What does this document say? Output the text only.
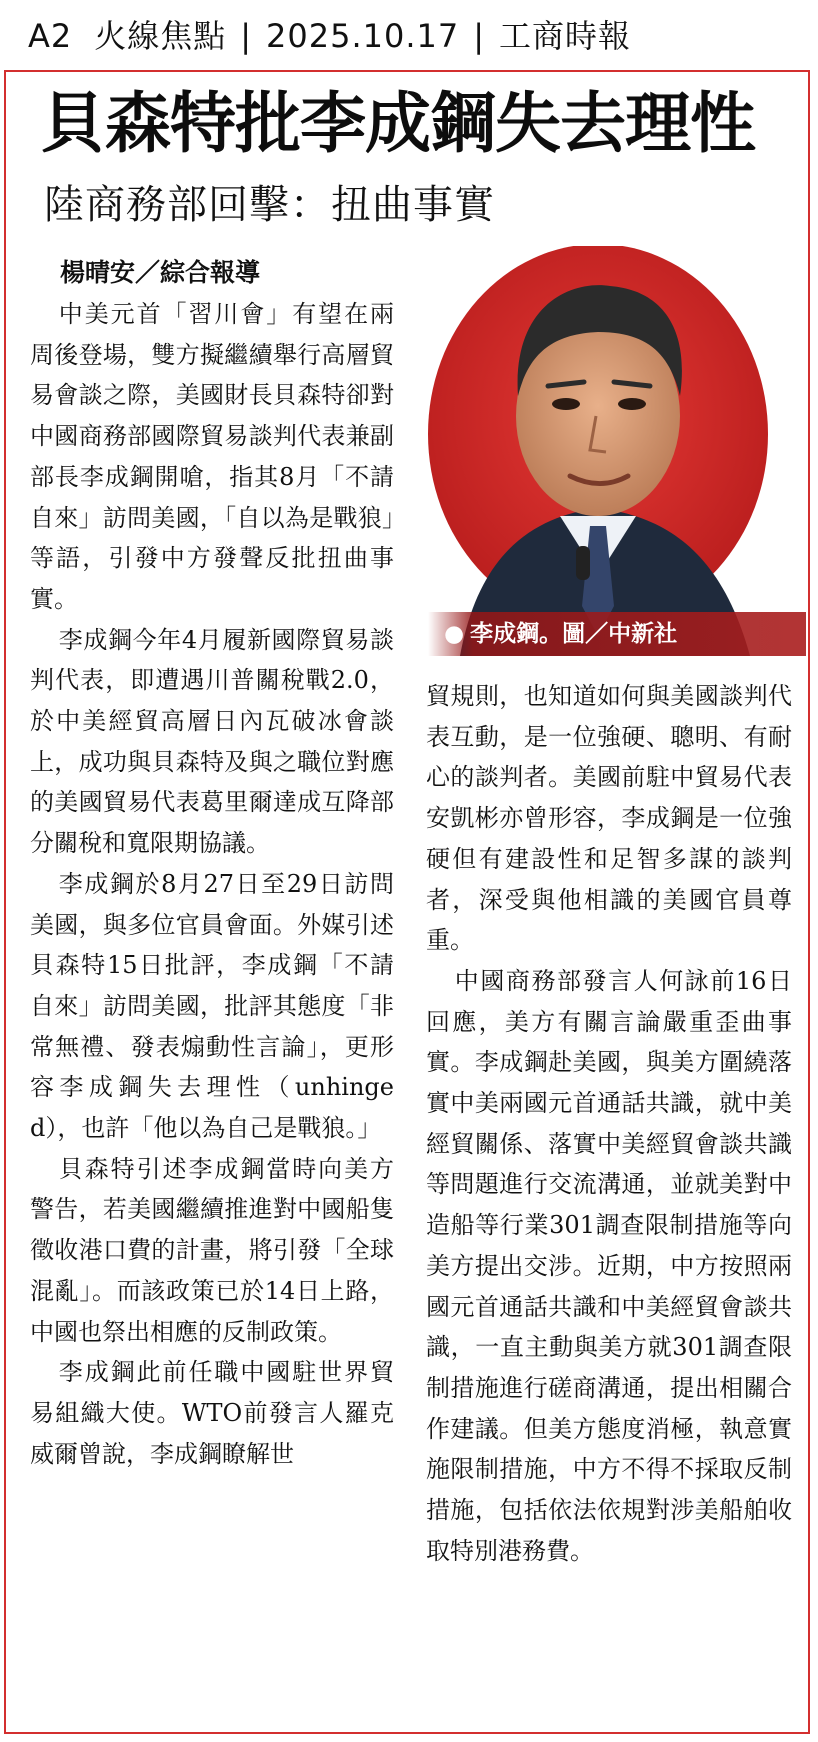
A2 火線焦點 | 2025.10.17 | 工商時報
貝森特批李成鋼失去理性
陸商務部回擊：扭曲事實
楊晴安／綜合報導
● 李成鋼。圖／中新社

中美元首「習川會」有望在兩周後登場，雙方擬繼續舉行高層貿易會談之際，美國財長貝森特卻對中國商務部國際貿易談判代表兼副部長李成鋼開嗆，指其8月「不請自來」訪問美國，「自以為是戰狼」等語，引發中方發聲反批扭曲事實。

李成鋼今年4月履新國際貿易談判代表，即遭遇川普關稅戰2.0，於中美經貿高層日內瓦破冰會談上，成功與貝森特及與之職位對應的美國貿易代表葛里爾達成互降部分關稅和寬限期協議。

李成鋼於8月27日至29日訪問美國，與多位官員會面。外媒引述貝森特15日批評，李成鋼「不請自來」訪問美國，批評其態度「非常無禮、發表煽動性言論」，更形容李成鋼失去理性（unhinged），也許「他以為自己是戰狼。」

貝森特引述李成鋼當時向美方警告，若美國繼續推進對中國船隻徵收港口費的計畫，將引發「全球混亂」。而該政策已於14日上路，中國也祭出相應的反制政策。

李成鋼此前任職中國駐世界貿易組織大使。WTO前發言人羅克威爾曾說，李成鋼瞭解世

貿規則，也知道如何與美國談判代表互動，是一位強硬、聰明、有耐心的談判者。美國前駐中貿易代表安凱彬亦曾形容，李成鋼是一位強硬但有建設性和足智多謀的談判者，深受與他相識的美國官員尊重。

中國商務部發言人何詠前16日回應，美方有關言論嚴重歪曲事實。李成鋼赴美國，與美方圍繞落實中美兩國元首通話共識，就中美經貿關係、落實中美經貿會談共識等問題進行交流溝通，並就美對中造船等行業301調查限制措施等向美方提出交涉。近期，中方按照兩國元首通話共識和中美經貿會談共識，一直主動與美方就301調查限制措施進行磋商溝通，提出相關合作建議。但美方態度消極，執意實施限制措施，中方不得不採取反制措施，包括依法依規對涉美船舶收取特別港務費。
